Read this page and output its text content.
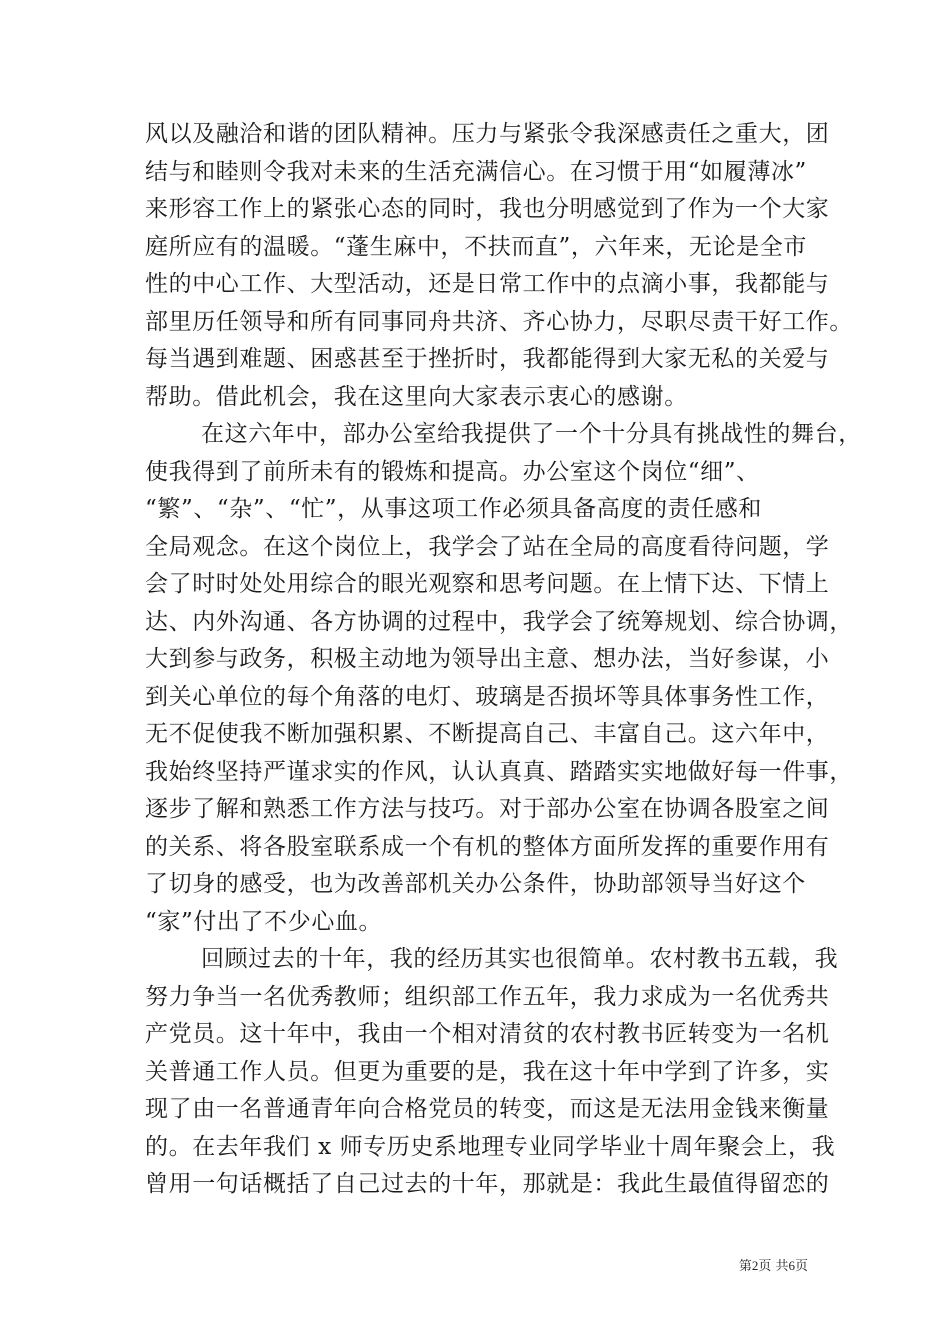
风以及融洽和谐的团队精神。压力与紧张令我深感责任之重大，团
结与和睦则令我对未来的生活充满信心。在习惯于用“如履薄冰”
来形容工作上的紧张心态的同时，我也分明感觉到了作为一个大家
庭所应有的温暖。“蓬生麻中，不扶而直”，六年来，无论是全市
性的中心工作、大型活动，还是日常工作中的点滴小事，我都能与
部里历任领导和所有同事同舟共济、齐心协力，尽职尽责干好工作。
每当遇到难题、困惑甚至于挫折时，我都能得到大家无私的关爱与
帮助。借此机会，我在这里向大家表示衷心的感谢。
在这六年中，部办公室给我提供了一个十分具有挑战性的舞台，
使我得到了前所未有的锻炼和提高。办公室这个岗位“细”、
“繁”、“杂”、“忙”，从事这项工作必须具备高度的责任感和
全局观念。在这个岗位上，我学会了站在全局的高度看待问题，学
会了时时处处用综合的眼光观察和思考问题。在上情下达、下情上
达、内外沟通、各方协调的过程中，我学会了统筹规划、综合协调，
大到参与政务，积极主动地为领导出主意、想办法，当好参谋，小
到关心单位的每个角落的电灯、玻璃是否损坏等具体事务性工作，
无不促使我不断加强积累、不断提高自己、丰富自己。这六年中，
我始终坚持严谨求实的作风，认认真真、踏踏实实地做好每一件事，
逐步了解和熟悉工作方法与技巧。对于部办公室在协调各股室之间
的关系、将各股室联系成一个有机的整体方面所发挥的重要作用有
了切身的感受，也为改善部机关办公条件，协助部领导当好这个
“家”付出了不少心血。
回顾过去的十年，我的经历其实也很简单。农村教书五载，我
努力争当一名优秀教师；组织部工作五年，我力求成为一名优秀共
产党员。这十年中，我由一个相对清贫的农村教书匠转变为一名机
关普通工作人员。但更为重要的是，我在这十年中学到了许多，实
现了由一名普通青年向合格党员的转变，而这是无法用金钱来衡量
的。在去年我们 x 师专历史系地理专业同学毕业十周年聚会上，我
曾用一句话概括了自己过去的十年，那就是：我此生最值得留恋的
第2页 共6页
